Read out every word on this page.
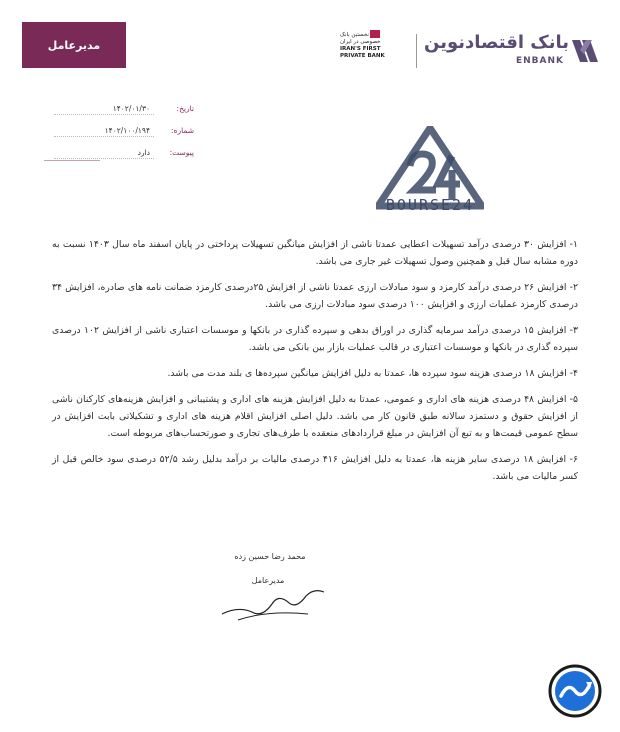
مدیرعامل
نخستین بانک
خصوصی در ایران
IRAN'S FIRST
PRIVATE BANK
بانک اقتصادنوین
ENBANK
تاریخ:
۱۴۰۲/۰۱/۳۰
شماره:
۱۴۰۲/۱۰۰/۱۹۴
پیوست:
دارد
BOURSE24

۱- افزایش ۳۰ درصدی درآمد تسهیلات اعطایی عمدتا ناشی از افزایش میانگین تسهیلات پرداختی در پایان اسفند ماه سال ۱۴۰۳ نسبت به دوره مشابه سال قبل و همچنین وصول تسهیلات غیر جاری می باشد.

۲- افزایش ۲۶ درصدی درآمد کارمزد و سود مبادلات ارزی عمدتا ناشی از افزایش ۲۵درصدی کارمزد ضمانت نامه های صادره، افزایش ۳۴ درصدی کارمزد عملیات ارزی و افزایش ۱۰۰ درصدی سود مبادلات ارزی می باشد.

۳- افزایش ۱۵ درصدی درآمد سرمایه گذاری در اوراق بدهی و سپرده گذاری در بانکها و موسسات اعتباری ناشی از افزایش ۱۰۲ درصدی سپرده گذاری در بانکها و موسسات اعتباری در قالب عملیات بازار بین بانکی می باشد.

۴- افزایش ۱۸ درصدی هزینه سود سپرده ها، عمدتا به دلیل افزایش میانگین سپرده‌ها ی بلند مدت می باشد.

۵- افزایش ۴۸ درصدی هزینه های اداری و عمومی، عمدتا به دلیل افزایش هزینه های اداری و پشتیبانی و افزایش هزینه‌های کارکنان ناشی از افزایش حقوق و دستمزد سالانه طبق قانون کار می باشد. دلیل اصلی افزایش اقلام هزینه های اداری و تشکیلاتی بابت افزایش در سطح عمومی قیمت‌ها و به تبع آن افزایش در مبلغ قراردادهای منعقده با طرف‌های تجاری و صورتحساب‌های مربوطه است.

۶- افزایش ۱۸ درصدی سایر هزینه ها، عمدتا به دلیل افزایش ۴۱۶ درصدی مالیات بر درآمد بدلیل رشد ۵۲/۵ درصدی سود خالص قبل از کسر مالیات می باشد.

محمد رضا حسین زده
مدیرعامل
